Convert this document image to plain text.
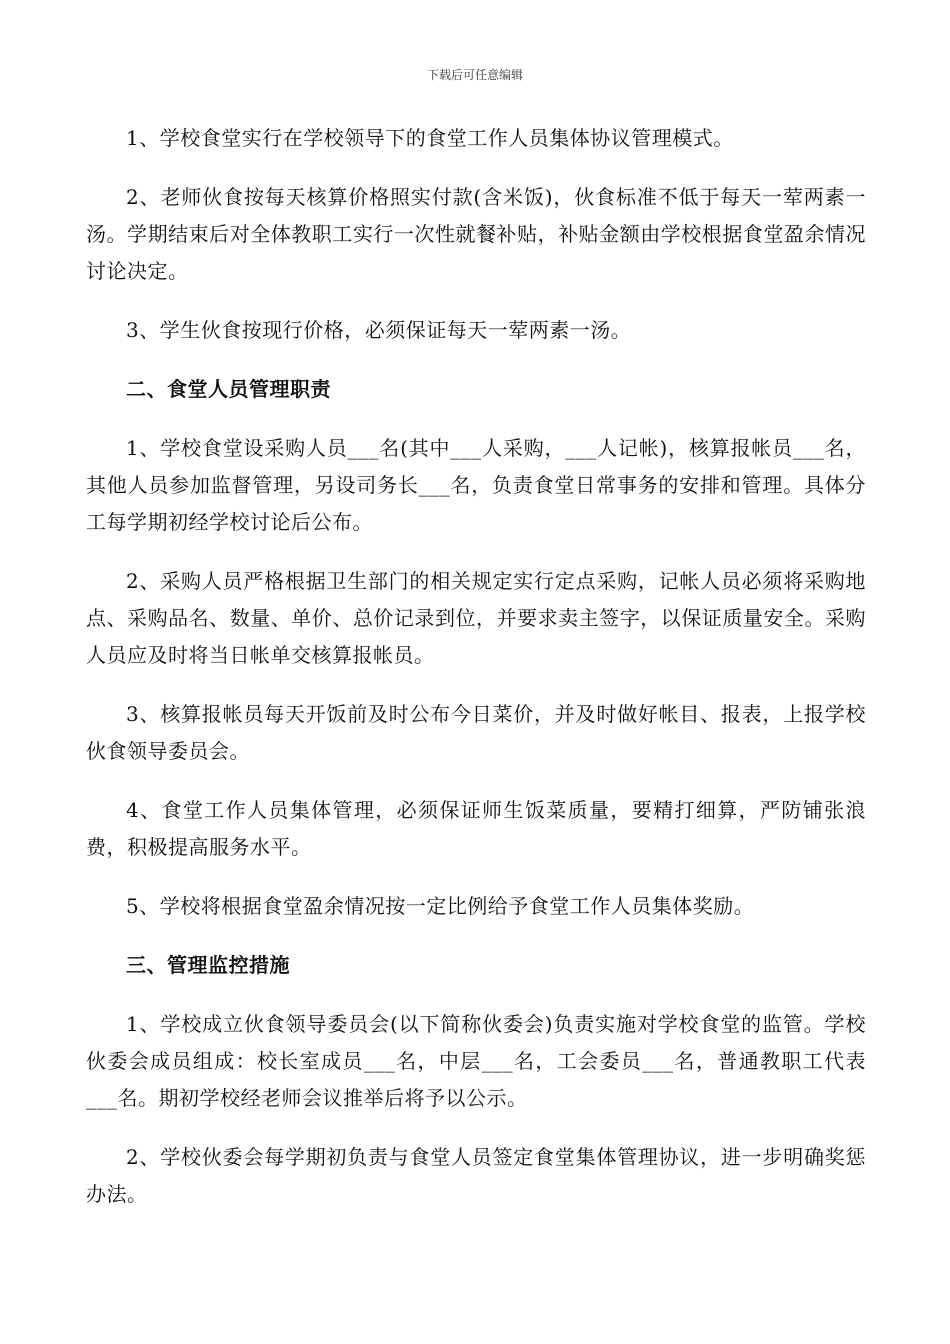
下载后可任意编辑

1、学校食堂实行在学校领导下的食堂工作人员集体协议管理模式。

2、老师伙食按每天核算价格照实付款(含米饭)，伙食标准不低于每天一荤两素一汤。学期结束后对全体教职工实行一次性就餐补贴，补贴金额由学校根据食堂盈余情况讨论决定。

3、学生伙食按现行价格，必须保证每天一荤两素一汤。

二、食堂人员管理职责

1、学校食堂设采购人员___名(其中___人采购，___人记帐)，核算报帐员___名，其他人员参加监督管理，另设司务长___名，负责食堂日常事务的安排和管理。具体分工每学期初经学校讨论后公布。

2、采购人员严格根据卫生部门的相关规定实行定点采购，记帐人员必须将采购地点、采购品名、数量、单价、总价记录到位，并要求卖主签字，以保证质量安全。采购人员应及时将当日帐单交核算报帐员。

3、核算报帐员每天开饭前及时公布今日菜价，并及时做好帐目、报表，上报学校伙食领导委员会。

4、食堂工作人员集体管理，必须保证师生饭菜质量，要精打细算，严防铺张浪费，积极提高服务水平。

5、学校将根据食堂盈余情况按一定比例给予食堂工作人员集体奖励。

三、管理监控措施

1、学校成立伙食领导委员会(以下简称伙委会)负责实施对学校食堂的监管。学校伙委会成员组成：校长室成员___名，中层___名，工会委员___名，普通教职工代表___名。期初学校经老师会议推举后将予以公示。

2、学校伙委会每学期初负责与食堂人员签定食堂集体管理协议，进一步明确奖惩办法。
